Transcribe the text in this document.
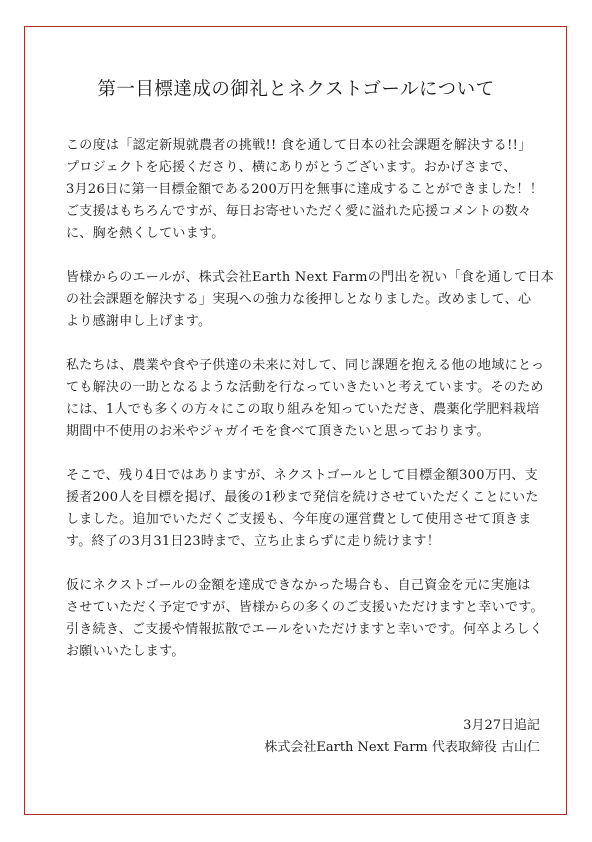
第一目標達成の御礼とネクストゴールについて

この度は「認定新規就農者の挑戦!! 食を通して日本の社会課題を解決する!!」
プロジェクトを応援くださり、横にありがとうございます。おかげさまで、
3月26日に第一目標金額である200万円を無事に達成することができました！！
ご支援はもちろんですが、毎日お寄せいただく愛に溢れた応援コメントの数々
に、胸を熱くしています。

皆様からのエールが、株式会社Earth Next Farmの門出を祝い「食を通して日本
の社会課題を解決する」実現への強力な後押しとなりました。改めまして、心
より感謝申し上げます。

私たちは、農業や食や子供達の未来に対して、同じ課題を抱える他の地域にとっ
ても解決の一助となるような活動を行なっていきたいと考えています。そのため
には、1人でも多くの方々にこの取り組みを知っていただき、農薬化学肥料栽培
期間中不使用のお米やジャガイモを食べて頂きたいと思っております。

そこで、残り4日ではありますが、ネクストゴールとして目標金額300万円、支
援者200人を目標を掲げ、最後の1秒まで発信を続けさせていただくことにいた
しました。追加でいただくご支援も、今年度の運営費として使用させて頂きま
す。終了の3月31日23時まで、立ち止まらずに走り続けます！

仮にネクストゴールの金額を達成できなかった場合も、自己資金を元に実施は
させていただく予定ですが、皆様からの多くのご支援いただけますと幸いです。
引き続き、ご支援や情報拡散でエールをいただけますと幸いです。何卒よろしく
お願いいたします。

3月27日追記
株式会社Earth Next Farm 代表取締役 古山仁
